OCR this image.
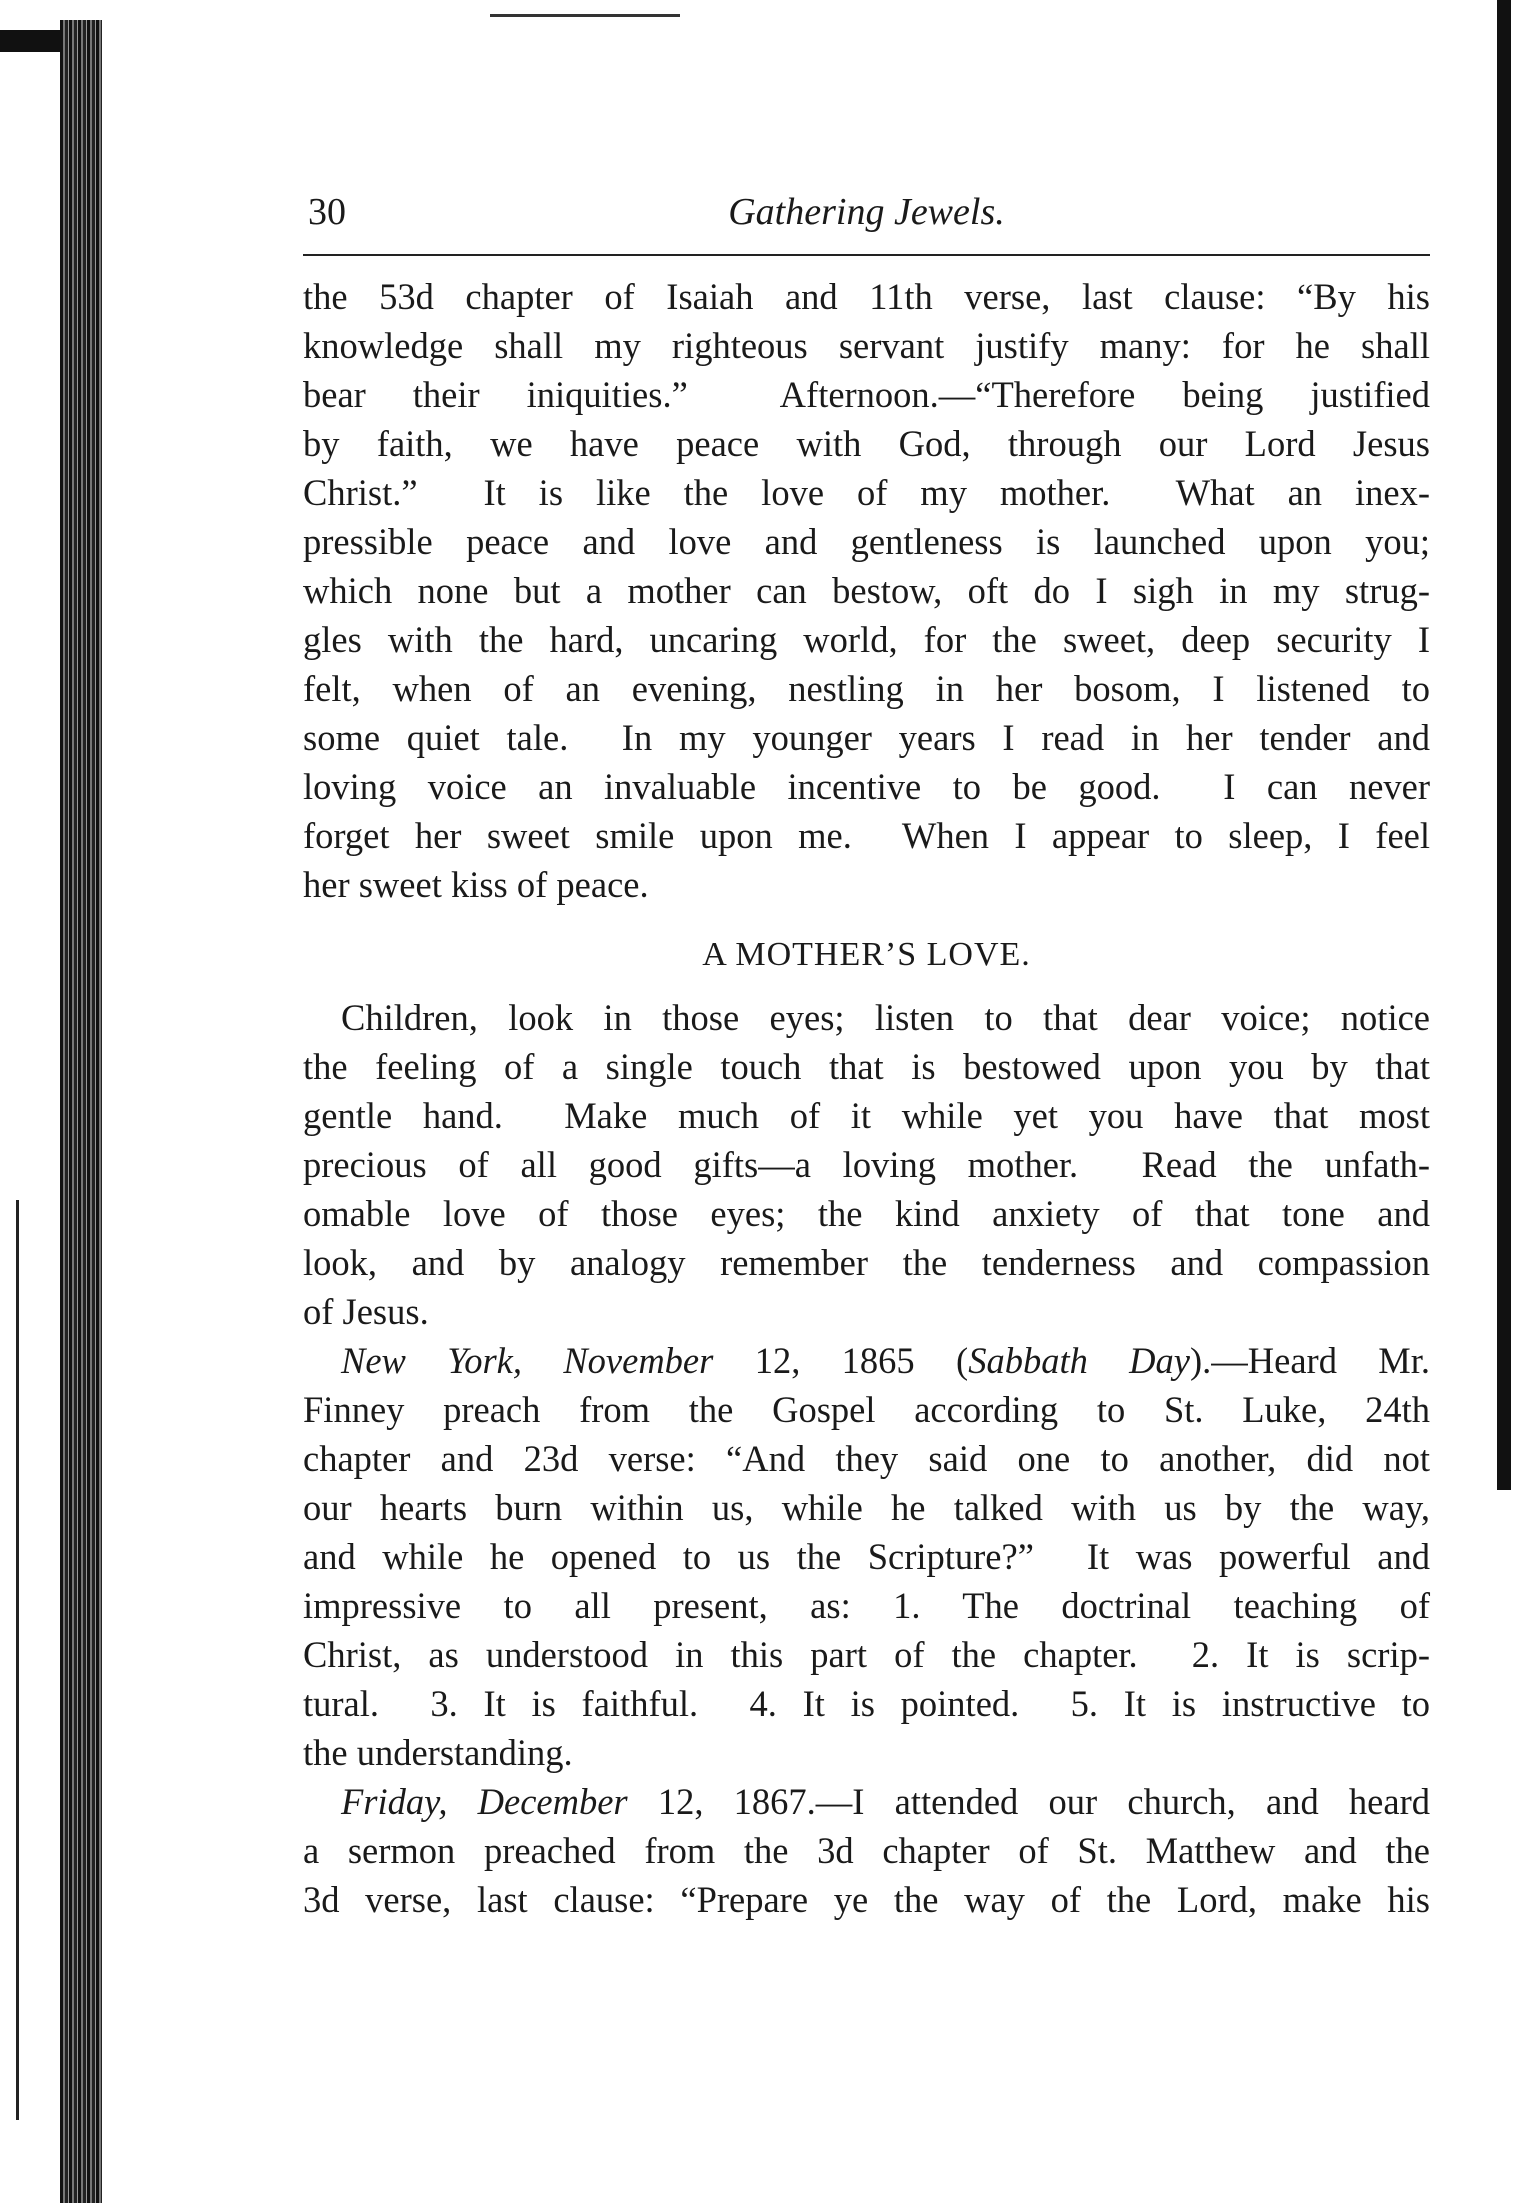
30	Gathering Jewels.
the 53d chapter of Isaiah and 11th verse, last clause: “By his
knowledge shall my righteous servant justify many: for he shall
bear their iniquities.”  Afternoon.—“Therefore being justified
by faith, we have peace with God, through our Lord Jesus
Christ.”  It is like the love of my mother.  What an inex-
pressible peace and love and gentleness is launched upon you;
which none but a mother can bestow, oft do I sigh in my strug-
gles with the hard, uncaring world, for the sweet, deep security I
felt, when of an evening, nestling in her bosom, I listened to
some quiet tale.  In my younger years I read in her tender and
loving voice an invaluable incentive to be good.  I can never
forget her sweet smile upon me.  When I appear to sleep, I feel
her sweet kiss of peace.
A MOTHER’S LOVE.
Children, look in those eyes; listen to that dear voice; notice
the feeling of a single touch that is bestowed upon you by that
gentle hand.  Make much of it while yet you have that most
precious of all good gifts—a loving mother.  Read the unfath-
omable love of those eyes; the kind anxiety of that tone and
look, and by analogy remember the tenderness and compassion
of Jesus.
New York, November 12, 1865 (Sabbath Day).—Heard Mr.
Finney preach from the Gospel according to St. Luke, 24th
chapter and 23d verse: “And they said one to another, did not
our hearts burn within us, while he talked with us by the way,
and while he opened to us the Scripture?”  It was powerful and
impressive to all present, as: 1. The doctrinal teaching of
Christ, as understood in this part of the chapter.  2. It is scrip-
tural.  3. It is faithful.  4. It is pointed.  5. It is instructive to
the understanding.
Friday, December 12, 1867.—I attended our church, and heard
a sermon preached from the 3d chapter of St. Matthew and the
3d verse, last clause: “Prepare ye the way of the Lord, make his
